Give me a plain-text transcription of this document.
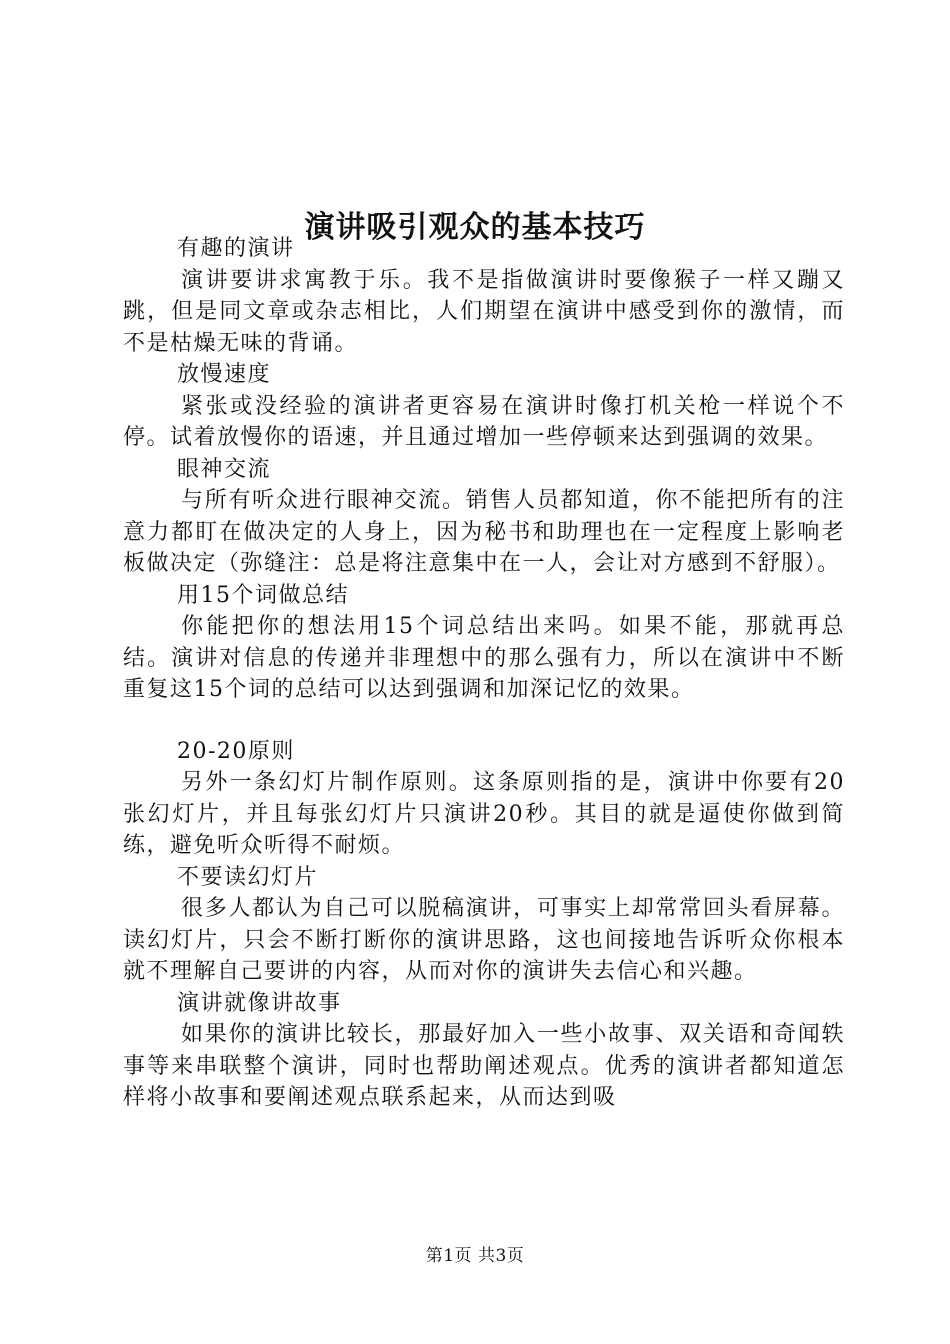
演讲吸引观众的基本技巧

有趣的演讲

演讲要讲求寓教于乐。我不是指做演讲时要像猴子一样又蹦又跳，但是同文章或杂志相比，人们期望在演讲中感受到你的激情，而不是枯燥无味的背诵。

放慢速度

紧张或没经验的演讲者更容易在演讲时像打机关枪一样说个不停。试着放慢你的语速，并且通过增加一些停顿来达到强调的效果。

眼神交流

与所有听众进行眼神交流。销售人员都知道，你不能把所有的注意力都盯在做决定的人身上，因为秘书和助理也在一定程度上影响老板做决定（弥缝注：总是将注意集中在一人，会让对方感到不舒服）。

用15个词做总结

你能把你的想法用15个词总结出来吗。如果不能，那就再总结。演讲对信息的传递并非理想中的那么强有力，所以在演讲中不断重复这15个词的总结可以达到强调和加深记忆的效果。

20-20原则

另外一条幻灯片制作原则。这条原则指的是，演讲中你要有20张幻灯片，并且每张幻灯片只演讲20秒。其目的就是逼使你做到简练，避免听众听得不耐烦。

不要读幻灯片

很多人都认为自己可以脱稿演讲，可事实上却常常回头看屏幕。读幻灯片，只会不断打断你的演讲思路，这也间接地告诉听众你根本就不理解自己要讲的内容，从而对你的演讲失去信心和兴趣。

演讲就像讲故事

如果你的演讲比较长，那最好加入一些小故事、双关语和奇闻轶事等来串联整个演讲，同时也帮助阐述观点。优秀的演讲者都知道怎样将小故事和要阐述观点联系起来，从而达到吸

第1页 共3页
